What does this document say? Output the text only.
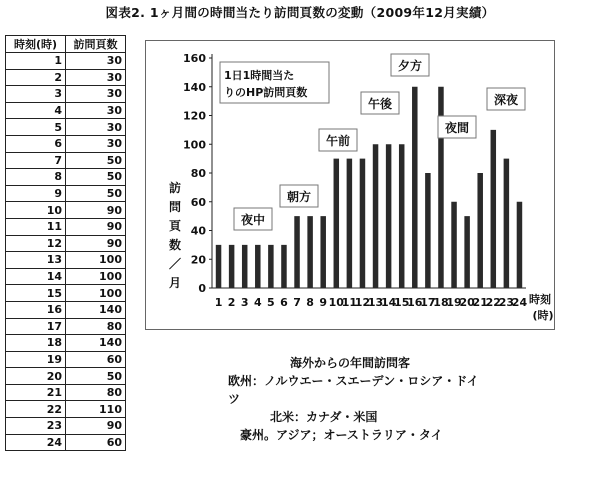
図表2. 1ヶ月間の時間当たり訪問頁数の変動（2009年12月実績）
時刻(時)	訪問頁数
1	30
2	30
3	30
4	30
5	30
6	30
7	50
8	50
9	50
10	90
11	90
12	90
13	100
14	100
15	100
16	140
17	80
18	140
19	60
20	50
21	80
22	110
23	90
24	60
0
20
40
60
80
100
120
140
160
1 2 3 4 5 6 7 8 9 10
11
12
13
14
15
16
17
18
19
20
21
22
23
24
訪
問
頁
数
／
月
時刻
(時)
1日1時間当た
りのHP訪問頁数
夜中
朝方
午前
午後
夕方
夜間
深夜
海外からの年間訪問客
欧州：ノルウエー・スエーデン・ロシア・ドイツ
北米：カナダ・米国
豪州。アジア；オーストラリア・タイ
